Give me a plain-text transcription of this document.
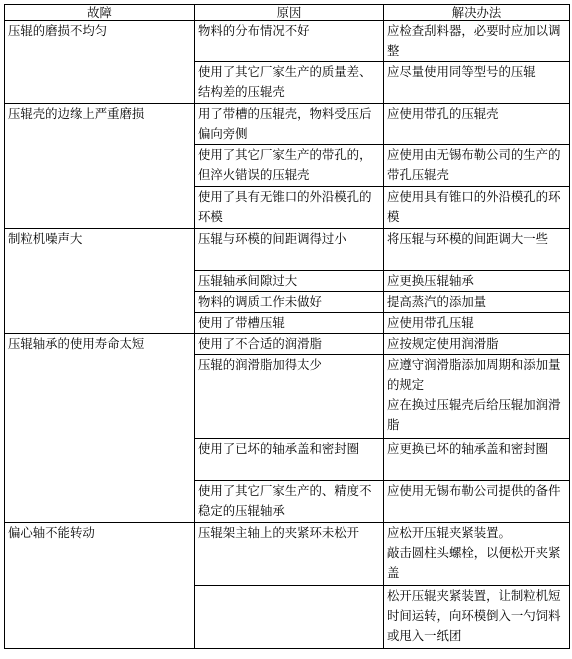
故障	原因	解决办法
压辊的磨损不均匀	物料的分布情况不好	应检查刮料器，必要时应加以调整

	使用了其它厂家生产的质量差、结构差的压辊壳	应尽量使用同等型号的压辊

压辊壳的边缘上严重磨损	用了带槽的压辊壳，物料受压后偏向旁侧	应使用带孔的压辊壳

	使用了其它厂家生产的带孔的，但淬火错误的压辊壳	应使用由无锡布勒公司的生产的带孔压辊壳

	使用了具有无锥口的外沿模孔的环模	应使用具有锥口的外沿模孔的环模

制粒机噪声大	压辊与环模的间距调得过小	将压辊与环模的间距调大一些

	压辊轴承间隙过大	应更换压辊轴承

	物料的调质工作未做好	提高蒸汽的添加量

	使用了带槽压辊	应使用带孔压辊

压辊轴承的使用寿命太短	使用了不合适的润滑脂	应按规定使用润滑脂

	压辊的润滑脂加得太少	应遵守润滑脂添加周期和添加量的规定
应在换过压辊壳后给压辊加润滑脂

	使用了已坏的轴承盖和密封圈	应更换已坏的轴承盖和密封圈

	使用了其它厂家生产的、精度不稳定的压辊轴承	应使用无锡布勒公司提供的备件

偏心轴不能转动	压辊架主轴上的夹紧环未松开	应松开压辊夹紧装置。
敲击圆柱头螺栓，以便松开夹紧盖

		松开压辊夹紧装置，让制粒机短时间运转，向环模倒入一勺饲料或甩入一纸团
